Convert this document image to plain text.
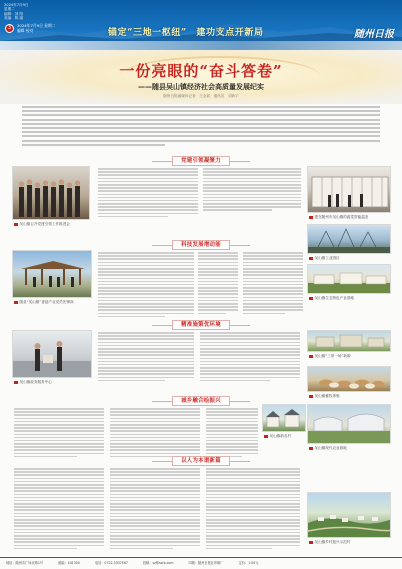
2024年7月9日
星期二
编辑：刘 阳
美编：陈 丽
3	2024年7月9日 星期二
编辑 校对	锚定“三地一枢纽”　建功支点开新局	随州日报
一份亮眼的“奋斗答卷”
——随县吴山镇经济社会高质量发展纪实
随州日报融媒体记者　王业斌　通讯员　刘新宇
党建引领凝聚力
吴山镇召开党建引领工作推进会
建在随州市吴山镇的蔬菜智能温室
吴山镇工业园区
科技发展增动能
随县“吴山镇”香菇产业党员先锋岗
吴山镇生态特色产业基地
精准施策优环境
吴山镇政务服务中心
吴山镇“三馆一场”新貌
吴山镇畜牧养殖
城乡融合绘振兴
吴山镇新农村
吴山镇现代农业基地
以人为本谱新篇
吴山镇乡村振兴示范村
地址：随州市广场北路1号	邮编：441300	电话：0722-3337567	投稿：sz@szrb.com	印刷：随州日报社印刷厂	定价：1.00元
